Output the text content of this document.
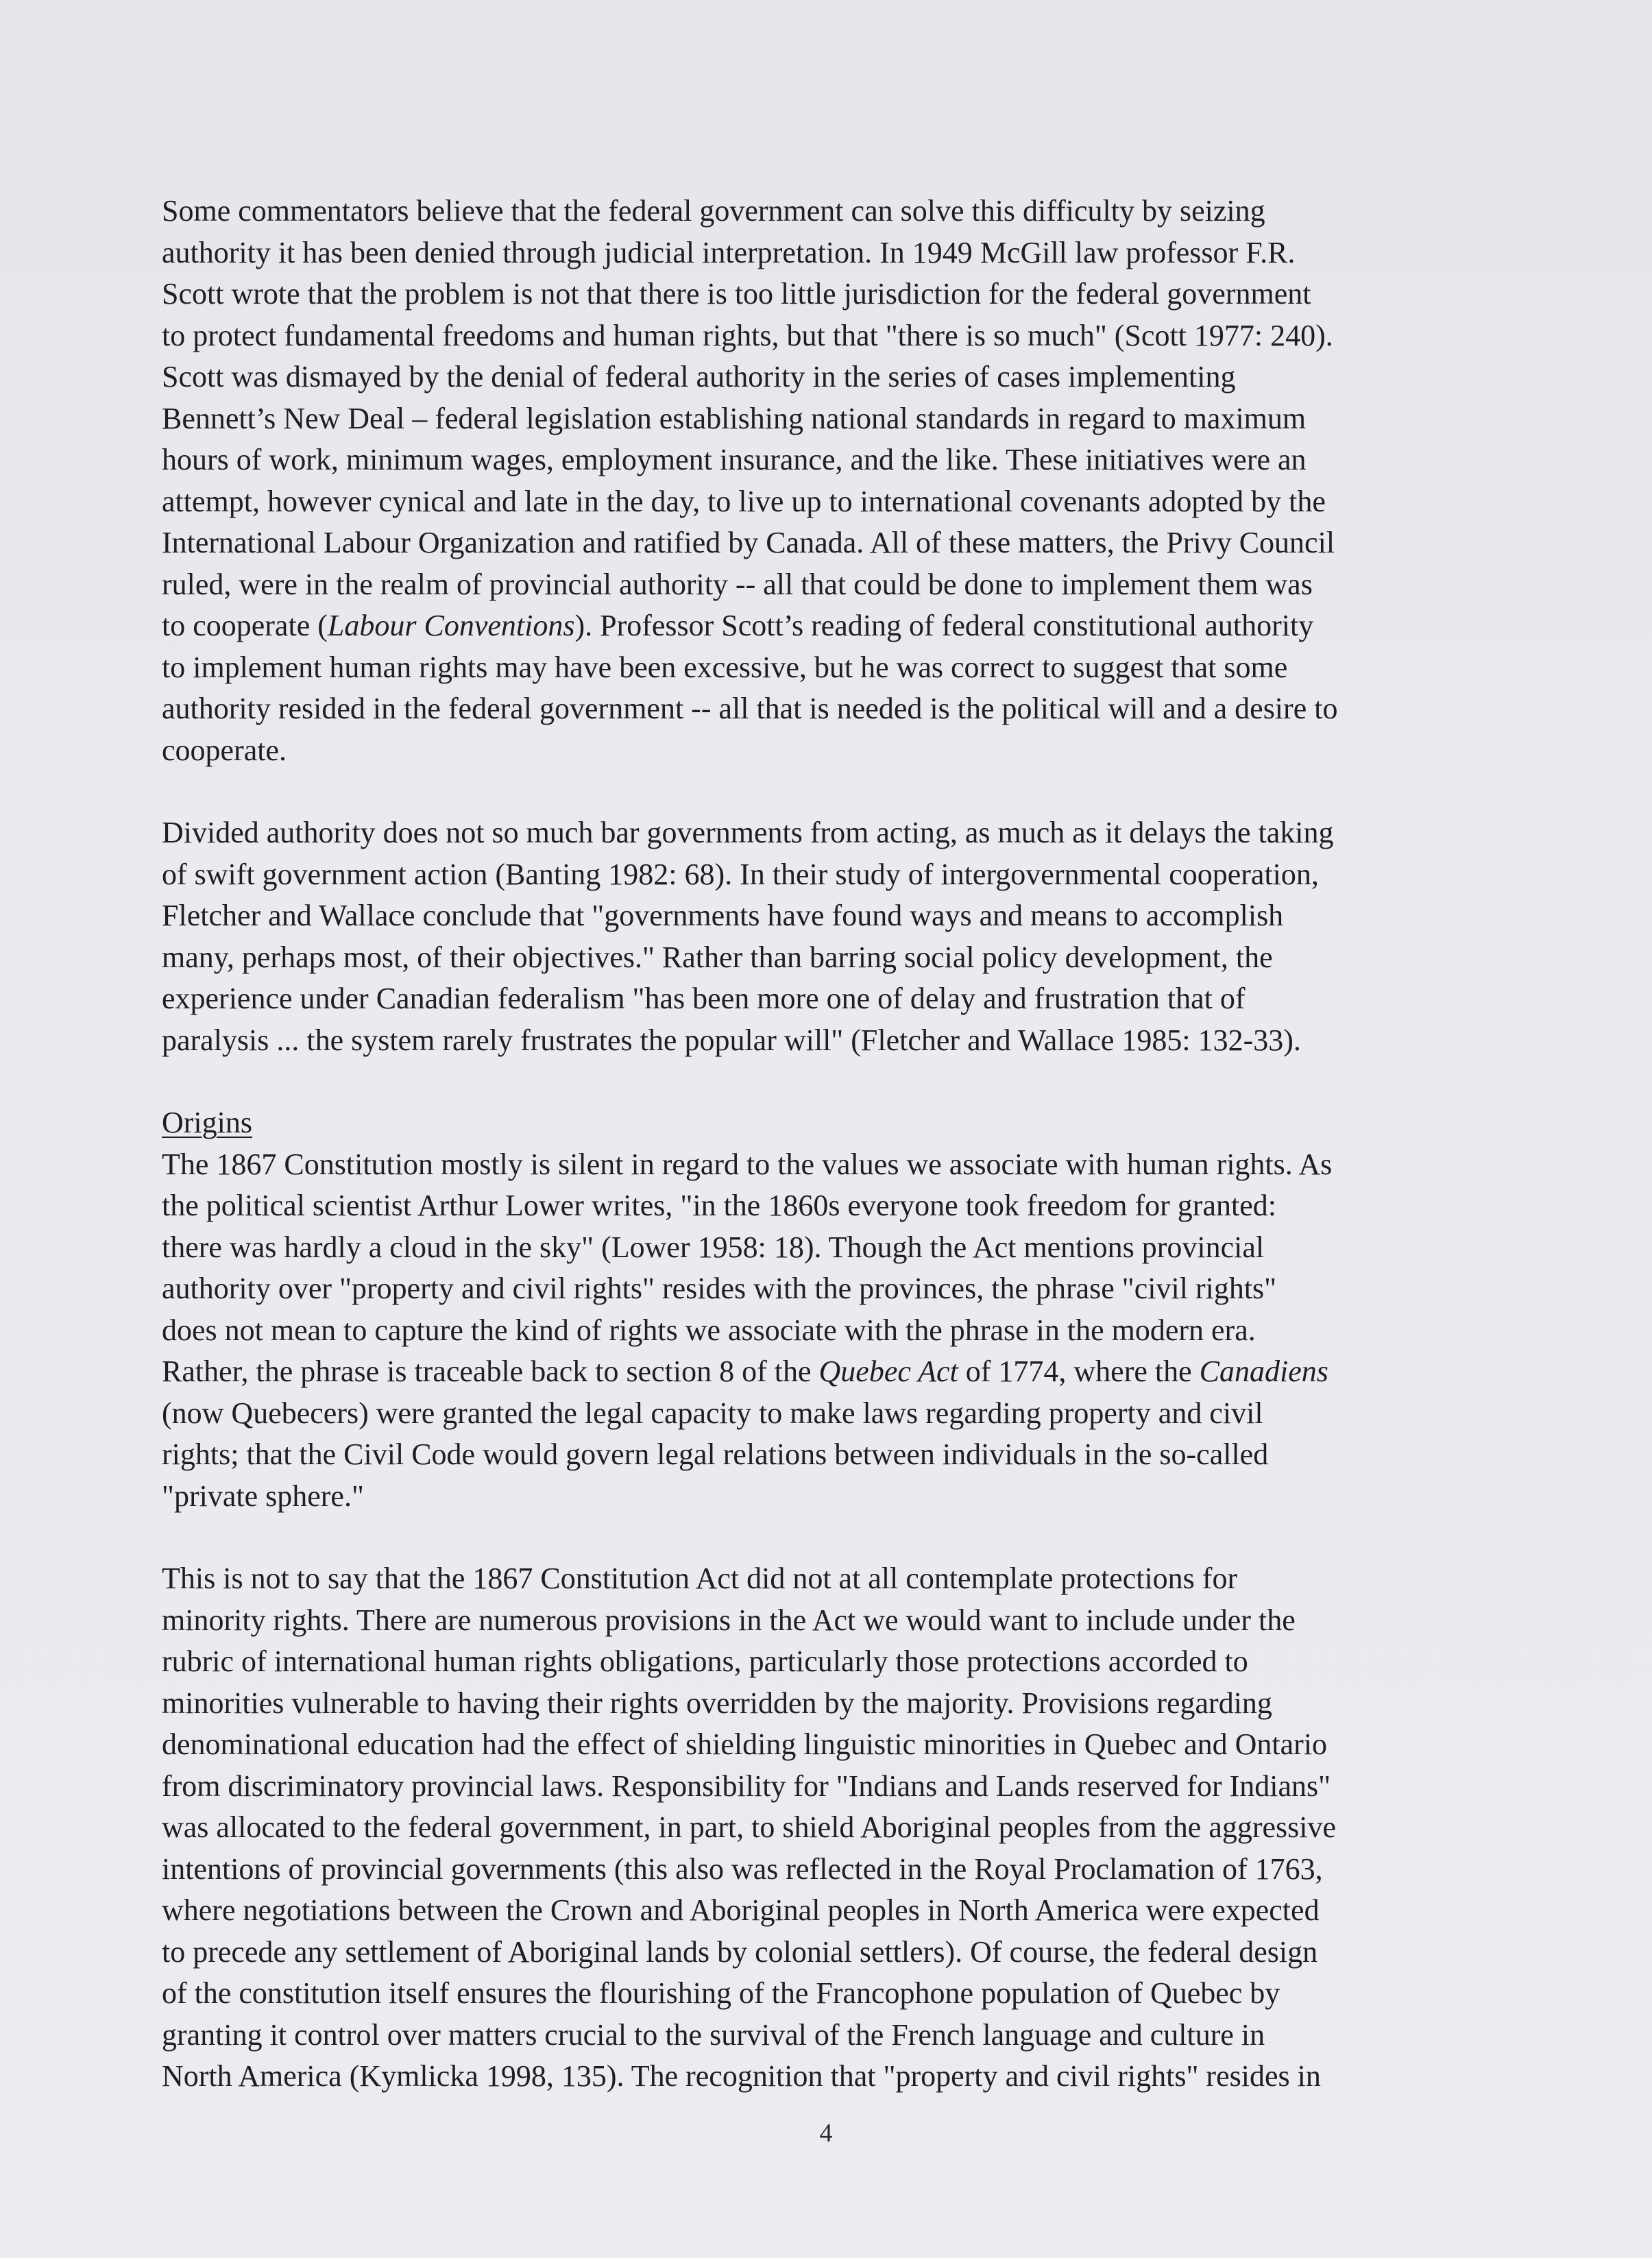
Some commentators believe that the federal government can solve this difficulty by seizing
authority it has been denied through judicial interpretation. In 1949 McGill law professor F.R.
Scott wrote that the problem is not that there is too little jurisdiction for the federal government
to protect fundamental freedoms and human rights, but that "there is so much" (Scott 1977: 240).
Scott was dismayed by the denial of federal authority in the series of cases implementing
Bennett’s New Deal – federal legislation establishing national standards in regard to maximum
hours of work, minimum wages, employment insurance, and the like. These initiatives were an
attempt, however cynical and late in the day, to live up to international covenants adopted by the
International Labour Organization and ratified by Canada. All of these matters, the Privy Council
ruled, were in the realm of provincial authority -- all that could be done to implement them was
to cooperate (Labour Conventions). Professor Scott’s reading of federal constitutional authority
to implement human rights may have been excessive, but he was correct to suggest that some
authority resided in the federal government -- all that is needed is the political will and a desire to
cooperate.

Divided authority does not so much bar governments from acting, as much as it delays the taking
of swift government action (Banting 1982: 68). In their study of intergovernmental cooperation,
Fletcher and Wallace conclude that "governments have found ways and means to accomplish
many, perhaps most, of their objectives." Rather than barring social policy development, the
experience under Canadian federalism "has been more one of delay and frustration that of
paralysis ... the system rarely frustrates the popular will" (Fletcher and Wallace 1985: 132-33).

Origins

The 1867 Constitution mostly is silent in regard to the values we associate with human rights. As
the political scientist Arthur Lower writes, "in the 1860s everyone took freedom for granted:
there was hardly a cloud in the sky" (Lower 1958: 18). Though the Act mentions provincial
authority over "property and civil rights" resides with the provinces, the phrase "civil rights"
does not mean to capture the kind of rights we associate with the phrase in the modern era.
Rather, the phrase is traceable back to section 8 of the Quebec Act of 1774, where the Canadiens
(now Quebecers) were granted the legal capacity to make laws regarding property and civil
rights; that the Civil Code would govern legal relations between individuals in the so-called
"private sphere."

This is not to say that the 1867 Constitution Act did not at all contemplate protections for
minority rights. There are numerous provisions in the Act we would want to include under the
rubric of international human rights obligations, particularly those protections accorded to
minorities vulnerable to having their rights overridden by the majority. Provisions regarding
denominational education had the effect of shielding linguistic minorities in Quebec and Ontario
from discriminatory provincial laws. Responsibility for "Indians and Lands reserved for Indians"
was allocated to the federal government, in part, to shield Aboriginal peoples from the aggressive
intentions of provincial governments (this also was reflected in the Royal Proclamation of 1763,
where negotiations between the Crown and Aboriginal peoples in North America were expected
to precede any settlement of Aboriginal lands by colonial settlers). Of course, the federal design
of the constitution itself ensures the flourishing of the Francophone population of Quebec by
granting it control over matters crucial to the survival of the French language and culture in
North America (Kymlicka 1998, 135). The recognition that "property and civil rights" resides in

4
